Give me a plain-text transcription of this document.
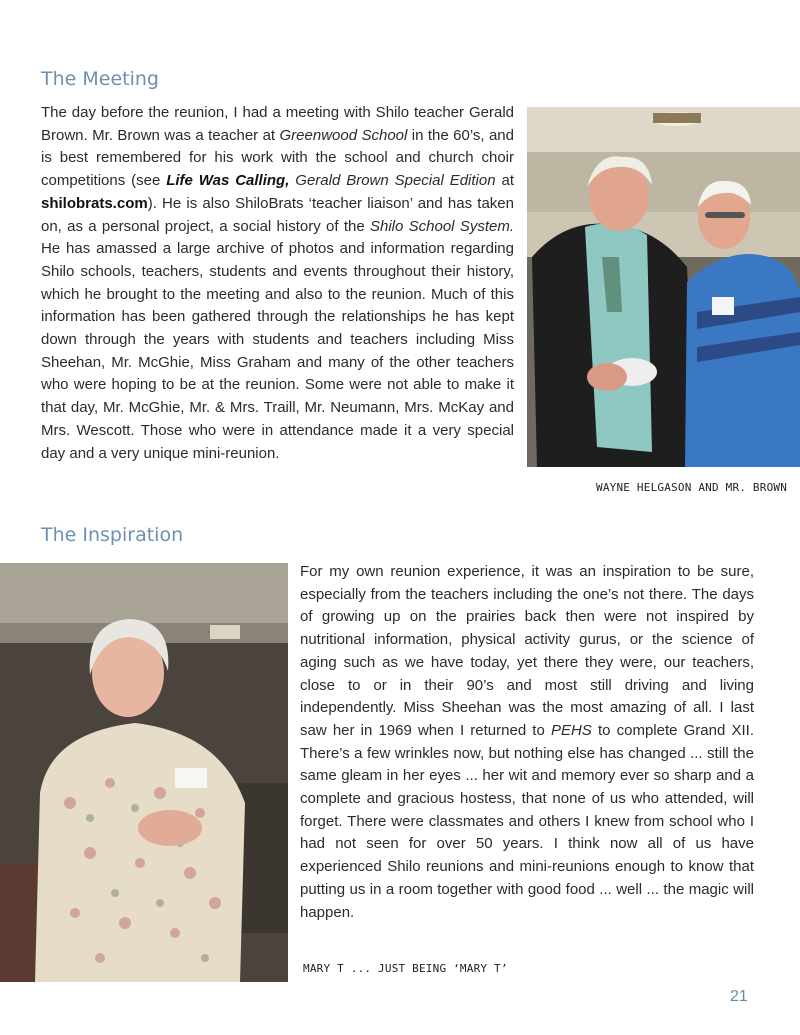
The Meeting

The day before the reunion, I had a meeting with Shilo teacher Gerald Brown. Mr. Brown was a teacher at Greenwood School in the 60’s, and is best remembered for his work with the school and church choir competitions (see Life Was Calling, Gerald Brown Special Edition at shilobrats.com). He is also ShiloBrats ‘teacher liaison’ and has taken on, as a personal project, a social history of the Shilo School System. He has amassed a large archive of photos and information regarding Shilo schools, teachers, students and events throughout their history, which he brought to the meeting and also to the reunion. Much of this information has been gathered through the relationships he has kept down through the years with students and teachers including Miss Sheehan, Mr. McGhie, Miss Graham and many of the other teachers who were hoping to be at the reunion. Some were not able to make it that day, Mr. McGhie, Mr. & Mrs. Traill, Mr. Neumann, Mrs. McKay and Mrs. Wescott. Those who were in attendance made it a very special day and a very unique mini-reunion.

WAYNE HELGASON AND MR. BROWN

The Inspiration

For my own reunion experience, it was an inspiration to be sure, especially from the teachers including the one’s not there. The days of growing up on the prairies back then were not inspired by nutritional information, physical activity gurus, or the science of aging such as we have today, yet there they were, our teachers, close to or in their 90’s and most still driving and living independently. Miss Sheehan was the most amazing of all. I last saw her in 1969 when I returned to PEHS to complete Grand XII. There’s a few wrinkles now, but nothing else has changed ... still the same gleam in her eyes ... her wit and memory ever so sharp and a complete and gracious hostess, that none of us who attended, will forget. There were classmates and others I knew from school who I had not seen for over 50 years. I think now all of us have experienced Shilo reunions and mini-reunions enough to know that putting us in a room together with good food ... well ... the magic will happen.

MARY T ... JUST BEING ‘MARY T’

21
